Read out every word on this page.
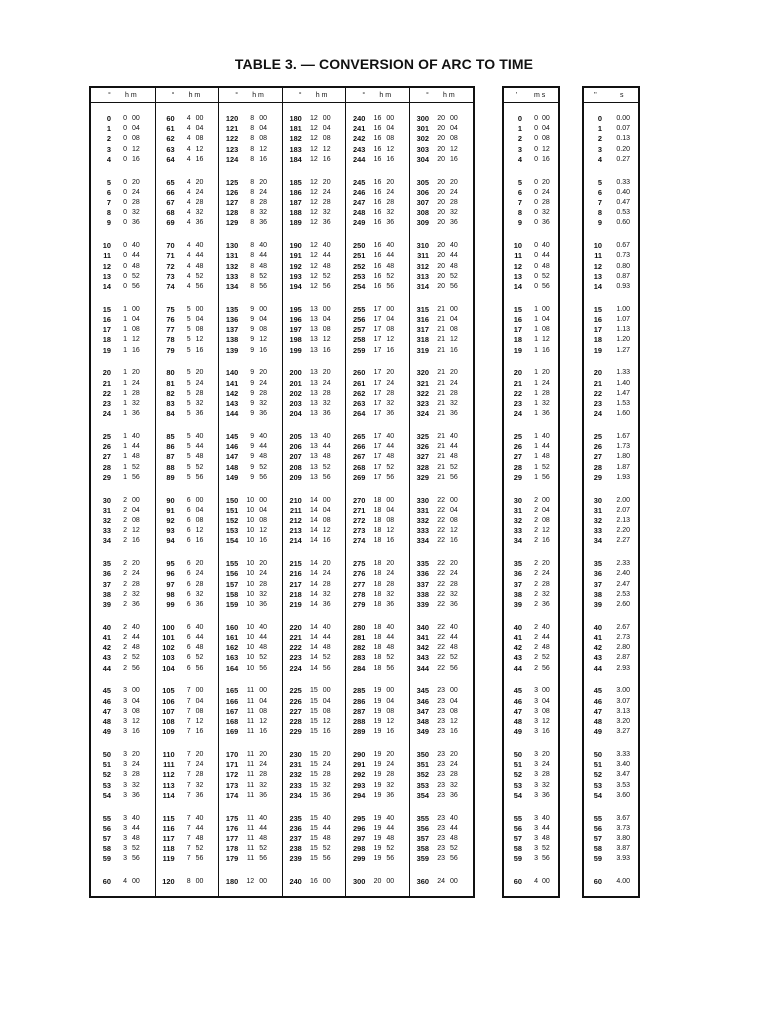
TABLE 3. — CONVERSION OF ARC TO TIME
° h m
0	0 00
1	0 04
2	0 08
3	0 12
4	0 16
5	0 20
6	0 24
7	0 28
8	0 32
9	0 36
10	0 40
11	0 44
12	0 48
13	0 52
14	0 56
15	1 00
16	1 04
17	1 08
18	1 12
19	1 16
20	1 20
21	1 24
22	1 28
23	1 32
24	1 36
25	1 40
26	1 44
27	1 48
28	1 52
29	1 56
30	2 00
31	2 04
32	2 08
33	2 12
34	2 16
35	2 20
36	2 24
37	2 28
38	2 32
39	2 36
40	2 40
41	2 44
42	2 48
43	2 52
44	2 56
45	3 00
46	3 04
47	3 08
48	3 12
49	3 16
50	3 20
51	3 24
52	3 28
53	3 32
54	3 36
55	3 40
56	3 44
57	3 48
58	3 52
59	3 56
60	4 00
° h m
60	4 00
61	4 04
62	4 08
63	4 12
64	4 16
65	4 20
66	4 24
67	4 28
68	4 32
69	4 36
70	4 40
71	4 44
72	4 48
73	4 52
74	4 56
75	5 00
76	5 04
77	5 08
78	5 12
79	5 16
80	5 20
81	5 24
82	5 28
83	5 32
84	5 36
85	5 40
86	5 44
87	5 48
88	5 52
89	5 56
90	6 00
91	6 04
92	6 08
93	6 12
94	6 16
95	6 20
96	6 24
97	6 28
98	6 32
99	6 36
100	6 40
101	6 44
102	6 48
103	6 52
104	6 56
105	7 00
106	7 04
107	7 08
108	7 12
109	7 16
110	7 20
111	7 24
112	7 28
113	7 32
114	7 36
115	7 40
116	7 44
117	7 48
118	7 52
119	7 56
120	8 00
° h m
120	8 00
121	8 04
122	8 08
123	8 12
124	8 16
125	8 20
126	8 24
127	8 28
128	8 32
129	8 36
130	8 40
131	8 44
132	8 48
133	8 52
134	8 56
135	9 00
136	9 04
137	9 08
138	9 12
139	9 16
140	9 20
141	9 24
142	9 28
143	9 32
144	9 36
145	9 40
146	9 44
147	9 48
148	9 52
149	9 56
150	10 00
151	10 04
152	10 08
153	10 12
154	10 16
155	10 20
156	10 24
157	10 28
158	10 32
159	10 36
160	10 40
161	10 44
162	10 48
163	10 52
164	10 56
165	11 00
166	11 04
167	11 08
168	11 12
169	11 16
170	11 20
171	11 24
172	11 28
173	11 32
174	11 36
175	11 40
176	11 44
177	11 48
178	11 52
179	11 56
180	12 00
° h m
180	12 00
181	12 04
182	12 08
183	12 12
184	12 16
185	12 20
186	12 24
187	12 28
188	12 32
189	12 36
190	12 40
191	12 44
192	12 48
193	12 52
194	12 56
195	13 00
196	13 04
197	13 08
198	13 12
199	13 16
200	13 20
201	13 24
202	13 28
203	13 32
204	13 36
205	13 40
206	13 44
207	13 48
208	13 52
209	13 56
210	14 00
211	14 04
212	14 08
213	14 12
214	14 16
215	14 20
216	14 24
217	14 28
218	14 32
219	14 36
220	14 40
221	14 44
222	14 48
223	14 52
224	14 56
225	15 00
226	15 04
227	15 08
228	15 12
229	15 16
230	15 20
231	15 24
232	15 28
233	15 32
234	15 36
235	15 40
236	15 44
237	15 48
238	15 52
239	15 56
240	16 00
° h m
240	16 00
241	16 04
242	16 08
243	16 12
244	16 16
245	16 20
246	16 24
247	16 28
248	16 32
249	16 36
250	16 40
251	16 44
252	16 48
253	16 52
254	16 56
255	17 00
256	17 04
257	17 08
258	17 12
259	17 16
260	17 20
261	17 24
262	17 28
263	17 32
264	17 36
265	17 40
266	17 44
267	17 48
268	17 52
269	17 56
270	18 00
271	18 04
272	18 08
273	18 12
274	18 16
275	18 20
276	18 24
277	18 28
278	18 32
279	18 36
280	18 40
281	18 44
282	18 48
283	18 52
284	18 56
285	19 00
286	19 04
287	19 08
288	19 12
289	19 16
290	19 20
291	19 24
292	19 28
293	19 32
294	19 36
295	19 40
296	19 44
297	19 48
298	19 52
299	19 56
300	20 00
° h m
300	20 00
301	20 04
302	20 08
303	20 12
304	20 16
305	20 20
306	20 24
307	20 28
308	20 32
309	20 36
310	20 40
311	20 44
312	20 48
313	20 52
314	20 56
315	21 00
316	21 04
317	21 08
318	21 12
319	21 16
320	21 20
321	21 24
322	21 28
323	21 32
324	21 36
325	21 40
326	21 44
327	21 48
328	21 52
329	21 56
330	22 00
331	22 04
332	22 08
333	22 12
334	22 16
335	22 20
336	22 24
337	22 28
338	22 32
339	22 36
340	22 40
341	22 44
342	22 48
343	22 52
344	22 56
345	23 00
346	23 04
347	23 08
348	23 12
349	23 16
350	23 20
351	23 24
352	23 28
353	23 32
354	23 36
355	23 40
356	23 44
357	23 48
358	23 52
359	23 56
360	24 00
' m s
0	0 00
1	0 04
2	0 08
3	0 12
4	0 16
5	0 20
6	0 24
7	0 28
8	0 32
9	0 36
10	0 40
11	0 44
12	0 48
13	0 52
14	0 56
15	1 00
16	1 04
17	1 08
18	1 12
19	1 16
20	1 20
21	1 24
22	1 28
23	1 32
24	1 36
25	1 40
26	1 44
27	1 48
28	1 52
29	1 56
30	2 00
31	2 04
32	2 08
33	2 12
34	2 16
35	2 20
36	2 24
37	2 28
38	2 32
39	2 36
40	2 40
41	2 44
42	2 48
43	2 52
44	2 56
45	3 00
46	3 04
47	3 08
48	3 12
49	3 16
50	3 20
51	3 24
52	3 28
53	3 32
54	3 36
55	3 40
56	3 44
57	3 48
58	3 52
59	3 56
60	4 00
''	s
0	0.00
1	0.07
2	0.13
3	0.20
4	0.27
5	0.33
6	0.40
7	0.47
8	0.53
9	0.60
10	0.67
11	0.73
12	0.80
13	0.87
14	0.93
15	1.00
16	1.07
17	1.13
18	1.20
19	1.27
20	1.33
21	1.40
22	1.47
23	1.53
24	1.60
25	1.67
26	1.73
27	1.80
28	1.87
29	1.93
30	2.00
31	2.07
32	2.13
33	2.20
34	2.27
35	2.33
36	2.40
37	2.47
38	2.53
39	2.60
40	2.67
41	2.73
42	2.80
43	2.87
44	2.93
45	3.00
46	3.07
47	3.13
48	3.20
49	3.27
50	3.33
51	3.40
52	3.47
53	3.53
54	3.60
55	3.67
56	3.73
57	3.80
58	3.87
59	3.93
60	4.00
